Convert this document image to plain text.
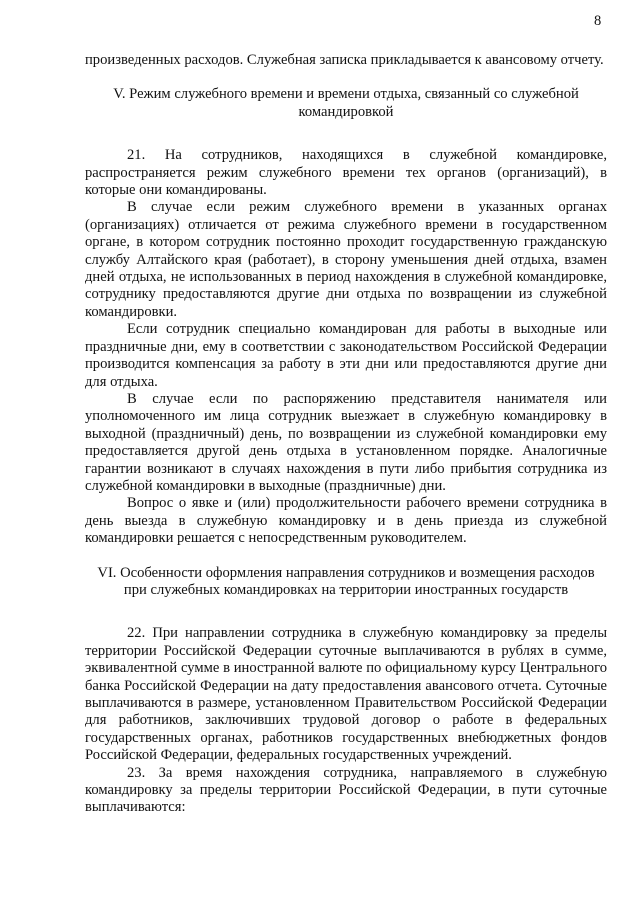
8

произведенных расходов. Служебная записка прикладывается к авансовому отчету.

V. Режим служебного времени и времени отдыха, связанный со служебной командировкой

21. На сотрудников, находящихся в служебной командировке, распространяется режим служебного времени тех органов (организаций), в которые они командированы.

В случае если режим служебного времени в указанных органах (организациях) отличается от режима служебного времени в государственном органе, в котором сотрудник постоянно проходит государственную гражданскую службу Алтайского края (работает), в сторону уменьшения дней отдыха, взамен дней отдыха, не использованных в период нахождения в служебной командировке, сотруднику предоставляются другие дни отдыха по возвращении из служебной командировки.

Если сотрудник специально командирован для работы в выходные или праздничные дни, ему в соответствии с законодательством Российской Федерации производится компенсация за работу в эти дни или предоставляются другие дни для отдыха.

В случае если по распоряжению представителя нанимателя или уполномоченного им лица сотрудник выезжает в служебную командировку в выходной (праздничный) день, по возвращении из служебной командировки ему предоставляется другой день отдыха в установленном порядке. Аналогичные гарантии возникают в случаях нахождения в пути либо прибытия сотрудника из служебной командировки в выходные (праздничные) дни.

Вопрос о явке и (или) продолжительности рабочего времени сотрудника в день выезда в служебную командировку и в день приезда из служебной командировки решается с непосредственным руководителем.

VI. Особенности оформления направления сотрудников и возмещения расходов при служебных командировках на территории иностранных государств

22. При направлении сотрудника в служебную командировку за пределы территории Российской Федерации суточные выплачиваются в рублях в сумме, эквивалентной сумме в иностранной валюте по официальному курсу Центрального банка Российской Федерации на дату предоставления авансового отчета. Суточные выплачиваются в размере, установленном Правительством Российской Федерации для работников, заключивших трудовой договор о работе в федеральных государственных органах, работников государственных внебюджетных фондов Российской Федерации, федеральных государственных учреждений.

23. За время нахождения сотрудника, направляемого в служебную командировку за пределы территории Российской Федерации, в пути суточные выплачиваются:
